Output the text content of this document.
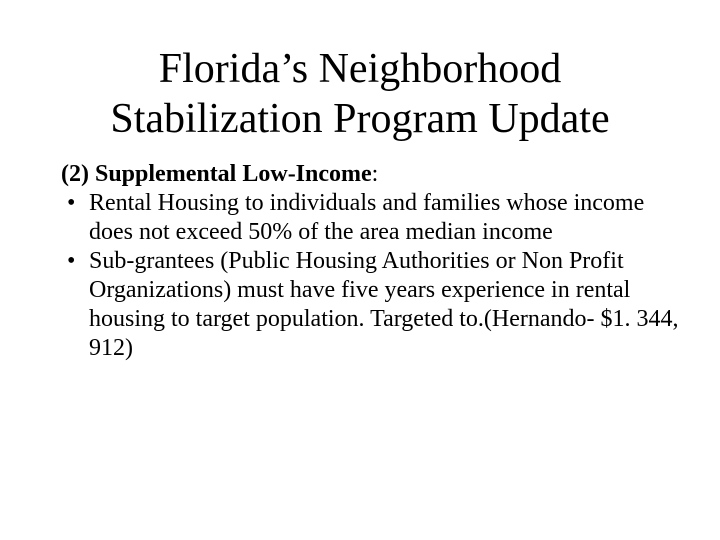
Florida’s Neighborhood
Stabilization Program Update

(2) Supplemental Low-Income:

• Rental Housing to individuals and families whose income does not exceed 50% of the area median income
• Sub-grantees (Public Housing Authorities or Non Profit Organizations) must have five years experience in rental housing to target population. Targeted to.(Hernando- $1. 344, 912)
